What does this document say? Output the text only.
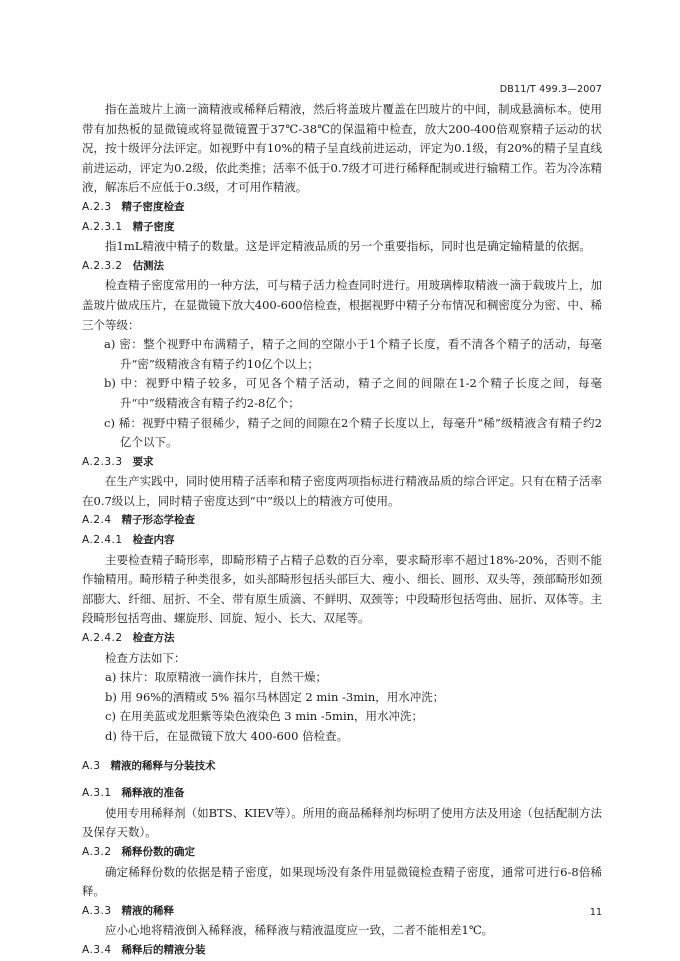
DB11/T 499.3—2007
指在盖玻片上滴一滴精液或稀释后精液，然后将盖玻片覆盖在凹玻片的中间，制成悬滴标本。使用带有加热板的显微镜或将显微镜置于37℃-38℃的保温箱中检查，放大200-400倍观察精子运动的状况，按十级评分法评定。如视野中有10%的精子呈直线前进运动，评定为0.1级，有20%的精子呈直线前进运动，评定为0.2级，依此类推；活率不低于0.7级才可进行稀释配制或进行输精工作。若为冷冻精液，解冻后不应低于0.3级，才可用作精液。
A.2.3 精子密度检查
A.2.3.1 精子密度
指1mL精液中精子的数量。这是评定精液品质的另一个重要指标，同时也是确定输精量的依据。
A.2.3.2 估测法
检查精子密度常用的一种方法，可与精子活力检查同时进行。用玻璃棒取精液一滴于载玻片上，加盖玻片做成压片，在显微镜下放大400-600倍检查，根据视野中精子分布情况和稠密度分为密、中、稀三个等级：
a) 密：整个视野中布满精子，精子之间的空隙小于1个精子长度，看不清各个精子的活动，每毫升“密”级精液含有精子约10亿个以上；
b) 中：视野中精子较多，可见各个精子活动，精子之间的间隙在1-2个精子长度之间，每毫升“中”级精液含有精子约2-8亿个；
c) 稀：视野中精子很稀少，精子之间的间隙在2个精子长度以上，每毫升“稀”级精液含有精子约2亿个以下。
A.2.3.3 要求
在生产实践中，同时使用精子活率和精子密度两项指标进行精液品质的综合评定。只有在精子活率在0.7级以上，同时精子密度达到“中”级以上的精液方可使用。
A.2.4 精子形态学检查
A.2.4.1 检查内容
主要检查精子畸形率，即畸形精子占精子总数的百分率，要求畸形率不超过18%-20%，否则不能作输精用。畸形精子种类很多，如头部畸形包括头部巨大、瘦小、细长、圆形、双头等，颈部畸形如颈部膨大、纤细、屈折、不全、带有原生质滴、不鲜明、双颈等；中段畸形包括弯曲、屈折、双体等。主段畸形包括弯曲、螺旋形、回旋、短小、长大、双尾等。
A.2.4.2 检查方法
检查方法如下：
a) 抹片：取原精液一滴作抹片，自然干燥；
b) 用 96%的酒精或 5% 福尔马林固定 2 min -3min，用水冲洗；
c) 在用美蓝或龙胆紫等染色液染色 3 min -5min，用水冲洗；
d) 待干后，在显微镜下放大 400-600 倍检查。
A.3 精液的稀释与分装技术
A.3.1 稀释液的准备
使用专用稀释剂（如BTS、KIEV等）。所用的商品稀释剂均标明了使用方法及用途（包括配制方法及保存天数）。
A.3.2 稀释份数的确定
确定稀释份数的依据是精子密度，如果现场没有条件用显微镜检查精子密度，通常可进行6-8倍稀释。
A.3.3 精液的稀释
应小心地将精液倒入稀释液，稀释液与精液温度应一致，二者不能相差1℃。
A.3.4 稀释后的精液分装
11
